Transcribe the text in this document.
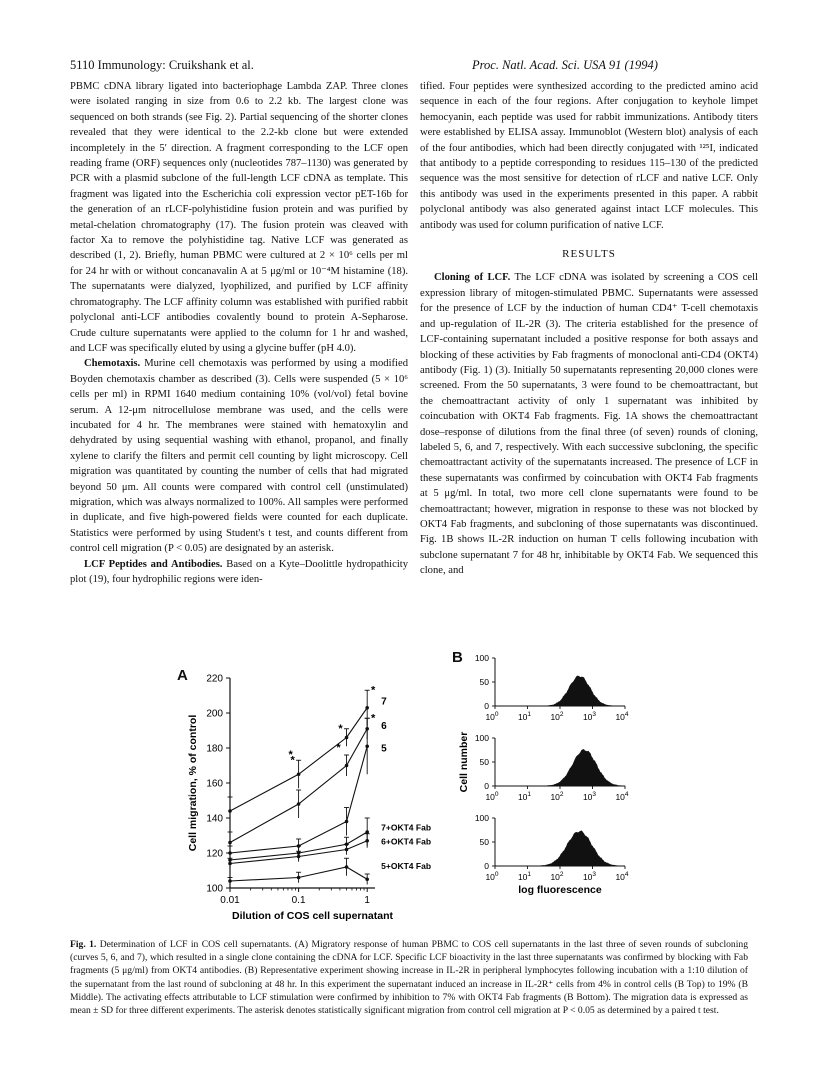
5110 Immunology: Cruikshank et al.	Proc. Natl. Acad. Sci. USA 91 (1994)

PBMC cDNA library ligated into bacteriophage Lambda ZAP. Three clones were isolated ranging in size from 0.6 to 2.2 kb. The largest clone was sequenced on both strands (see Fig. 2). Partial sequencing of the shorter clones revealed that they were identical to the 2.2-kb clone but were extended incompletely in the 5′ direction. A fragment corresponding to the LCF open reading frame (ORF) sequences only (nucleotides 787–1130) was generated by PCR with a plasmid subclone of the full-length LCF cDNA as template. This fragment was ligated into the Escherichia coli expression vector pET-16b for the generation of an rLCF-polyhistidine fusion protein and was purified by metal-chelation chromatography (17). The fusion protein was cleaved with factor Xa to remove the polyhistidine tag. Native LCF was generated as described (1, 2). Briefly, human PBMC were cultured at 2 × 10⁶ cells per ml for 24 hr with or without concanavalin A at 5 μg/ml or 10⁻⁴M histamine (18). The supernatants were dialyzed, lyophilized, and purified by LCF affinity chromatography. The LCF affinity column was established with purified rabbit polyclonal anti-LCF antibodies covalently bound to protein A-Sepharose. Crude culture supernatants were applied to the column for 1 hr and washed, and LCF was specifically eluted by using a glycine buffer (pH 4.0).

Chemotaxis. Murine cell chemotaxis was performed by using a modified Boyden chemotaxis chamber as described (3). Cells were suspended (5 × 10⁶ cells per ml) in RPMI 1640 medium containing 10% (vol/vol) fetal bovine serum. A 12-μm nitrocellulose membrane was used, and the cells were incubated for 4 hr. The membranes were stained with hematoxylin and dehydrated by using sequential washing with ethanol, propanol, and finally xylene to clarify the filters and permit cell counting by light microscopy. Cell migration was quantitated by counting the number of cells that had migrated beyond 50 μm. All counts were compared with control cell (unstimulated) migration, which was always normalized to 100%. All samples were performed in duplicate, and five high-powered fields were counted for each duplicate. Statistics were performed by using Student's t test, and counts different from control cell migration (P < 0.05) are designated by an asterisk.

LCF Peptides and Antibodies. Based on a Kyte–Doolittle hydropathicity plot (19), four hydrophilic regions were iden-

tified. Four peptides were synthesized according to the predicted amino acid sequence in each of the four regions. After conjugation to keyhole limpet hemocyanin, each peptide was used for rabbit immunizations. Antibody titers were established by ELISA assay. Immunoblot (Western blot) analysis of each of the four antibodies, which had been directly conjugated with ¹²⁵I, indicated that antibody to a peptide corresponding to residues 115–130 of the predicted sequence was the most sensitive for detection of rLCF and native LCF. Only this antibody was used in the experiments presented in this paper. A rabbit polyclonal antibody was also generated against intact LCF molecules. This antibody was used for column purification of native LCF.

RESULTS

Cloning of LCF. The LCF cDNA was isolated by screening a COS cell expression library of mitogen-stimulated PBMC. Supernatants were assessed for the presence of LCF by the induction of human CD4⁺ T-cell chemotaxis and up-regulation of IL-2R (3). The criteria established for the presence of LCF-containing supernatant included a positive response for both assays and blocking of these activities by Fab fragments of monoclonal anti-CD4 (OKT4) antibody (Fig. 1) (3). Initially 50 supernatants representing 20,000 clones were screened. From the 50 supernatants, 3 were found to be chemoattractant, but the chemoattractant activity of only 1 supernatant was inhibited by coincubation with OKT4 Fab fragments. Fig. 1A shows the chemoattractant dose–response of dilutions from the final three (of seven) rounds of cloning, labeled 5, 6, and 7, respectively. With each successive subcloning, the specific chemoattractant activity of the supernatants increased. The presence of LCF in these supernatants was confirmed by coincubation with OKT4 Fab fragments at 5 μg/ml. In total, two more cell clone supernatants were found to be chemoattractant; however, migration in response to these was not blocked by OKT4 Fab fragments, and subcloning of those supernatants was discontinued. Fig. 1B shows IL-2R induction on human T cells following incubation with subclone supernatant 7 for 48 hr, inhibitable by OKT4 Fab. We sequenced this clone, and

A
B
100
120
140
160
180
200
220
0.01	0.1	1
Dilution of COS cell supernatant
Cell migration, % of control	*
*
*
7
*
6
5
7+OKT4 Fab
6+OKT4 Fab
5+OKT4 Fab
*
*
0
50
100
$10^0$ $10^1$ $10^2$ $10^3$ $10^4$
0
50
100
$10^0$ $10^1$ $10^2$ $10^3$ $10^4$
0
50
100
$10^0$ $10^1$ $10^2$ $10^3$ $10^4$
log fluorescence
Cell number

Fig. 1. Determination of LCF in COS cell supernatants. (A) Migratory response of human PBMC to COS cell supernatants in the last three of seven rounds of subcloning (curves 5, 6, and 7), which resulted in a single clone containing the cDNA for LCF. Specific LCF bioactivity in the last three supernatants was confirmed by blocking with Fab fragments (5 μg/ml) from OKT4 antibodies. (B) Representative experiment showing increase in IL-2R in peripheral lymphocytes following incubation with a 1:10 dilution of the supernatant from the last round of subcloning at 48 hr. In this experiment the supernatant induced an increase in IL-2R⁺ cells from 4% in control cells (B Top) to 19% (B Middle). The activating effects attributable to LCF stimulation were confirmed by inhibition to 7% with OKT4 Fab fragments (B Bottom). The migration data is expressed as mean ± SD for three different experiments. The asterisk denotes statistically significant migration from control cell migration at P < 0.05 as determined by a paired t test.
